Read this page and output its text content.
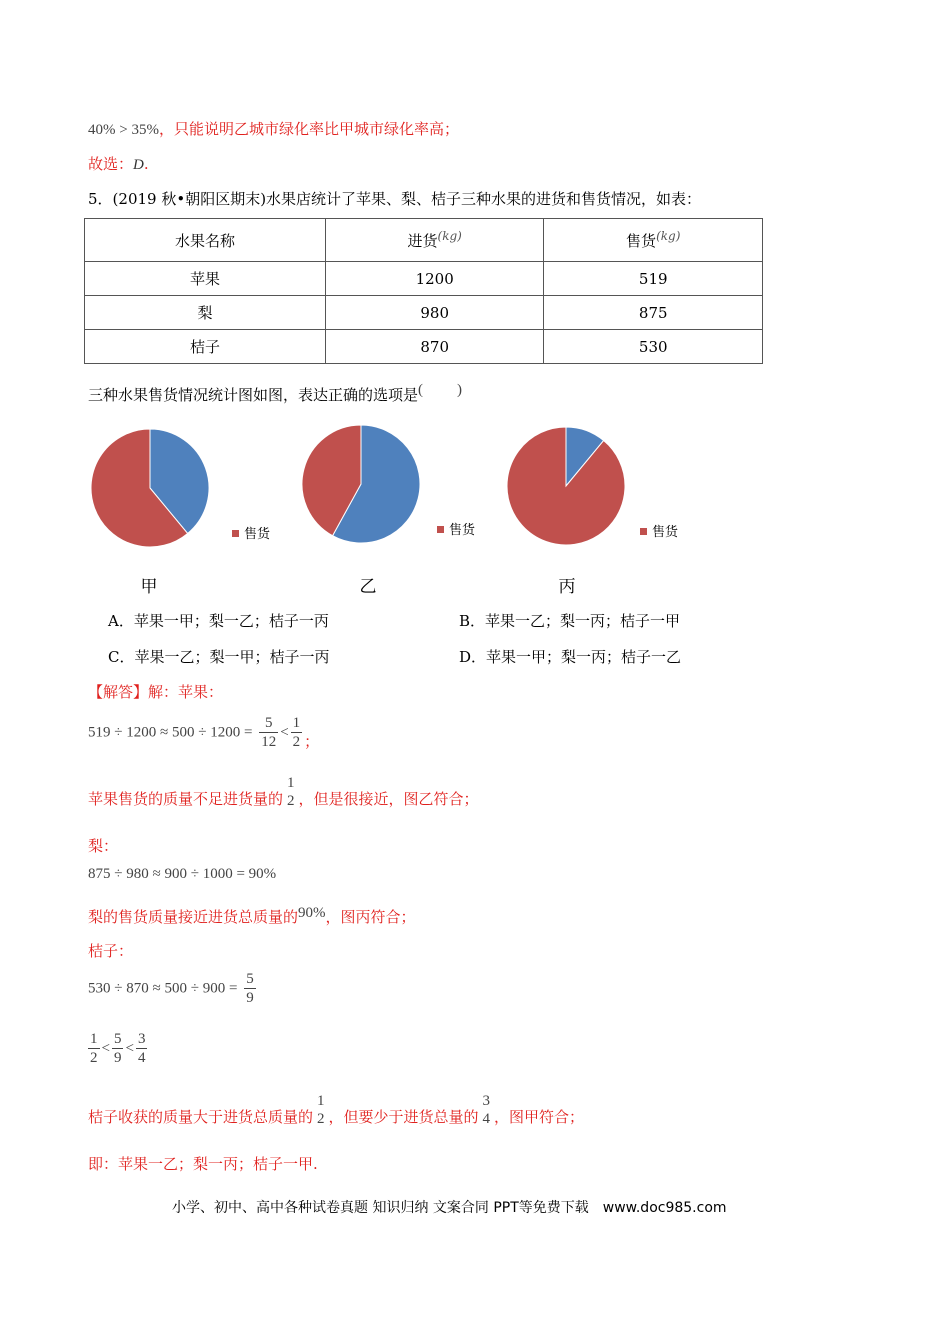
40% > 35%，只能说明乙城市绿化率比甲城市绿化率高；
故选：D.
5．(2019 秋•朝阳区期末)水果店统计了苹果、梨、桔子三种水果的进货和售货情况，如表：
水果名称	进货$^{(kg)}$	售货$^{(kg)}$
苹果	1200	519
梨	980	875
桔子	870	530
三种水果售货情况统计图如图，表达正确的选项是( )
售货
甲
售货
乙
售货
丙
A．苹果一甲；梨一乙；桔子一丙	B．苹果一乙；梨一丙；桔子一甲
C．苹果一乙；梨一甲；桔子一丙	D．苹果一甲；梨一丙；桔子一乙
【解答】解：苹果：
$519 \div 1200 \approx 500 \div 1200 = \frac{5}{12} < \frac{1}{2}$ ；
苹果售货的质量不足进货量的
1
2 ，但是很接近，图乙符合；
梨：
875 ÷ 980 ≈ 900 ÷ 1000 = 90%
梨的售货质量接近进货总质量的90%，图丙符合；
桔子：
$530 \div 870 \approx 500 \div 900 = \frac{5}{9}$
$\frac{1}{2} < \frac{5}{9} < \frac{3}{4}$
桔子收获的质量大于进货总质量的
1
2 ，但要少于进货总量的
3
4 ，图甲符合；
即：苹果一乙；梨一丙；桔子一甲.
小学、初中、高中各种试卷真题 知识归纳 文案合同 PPT等免费下载　www.doc985.com
